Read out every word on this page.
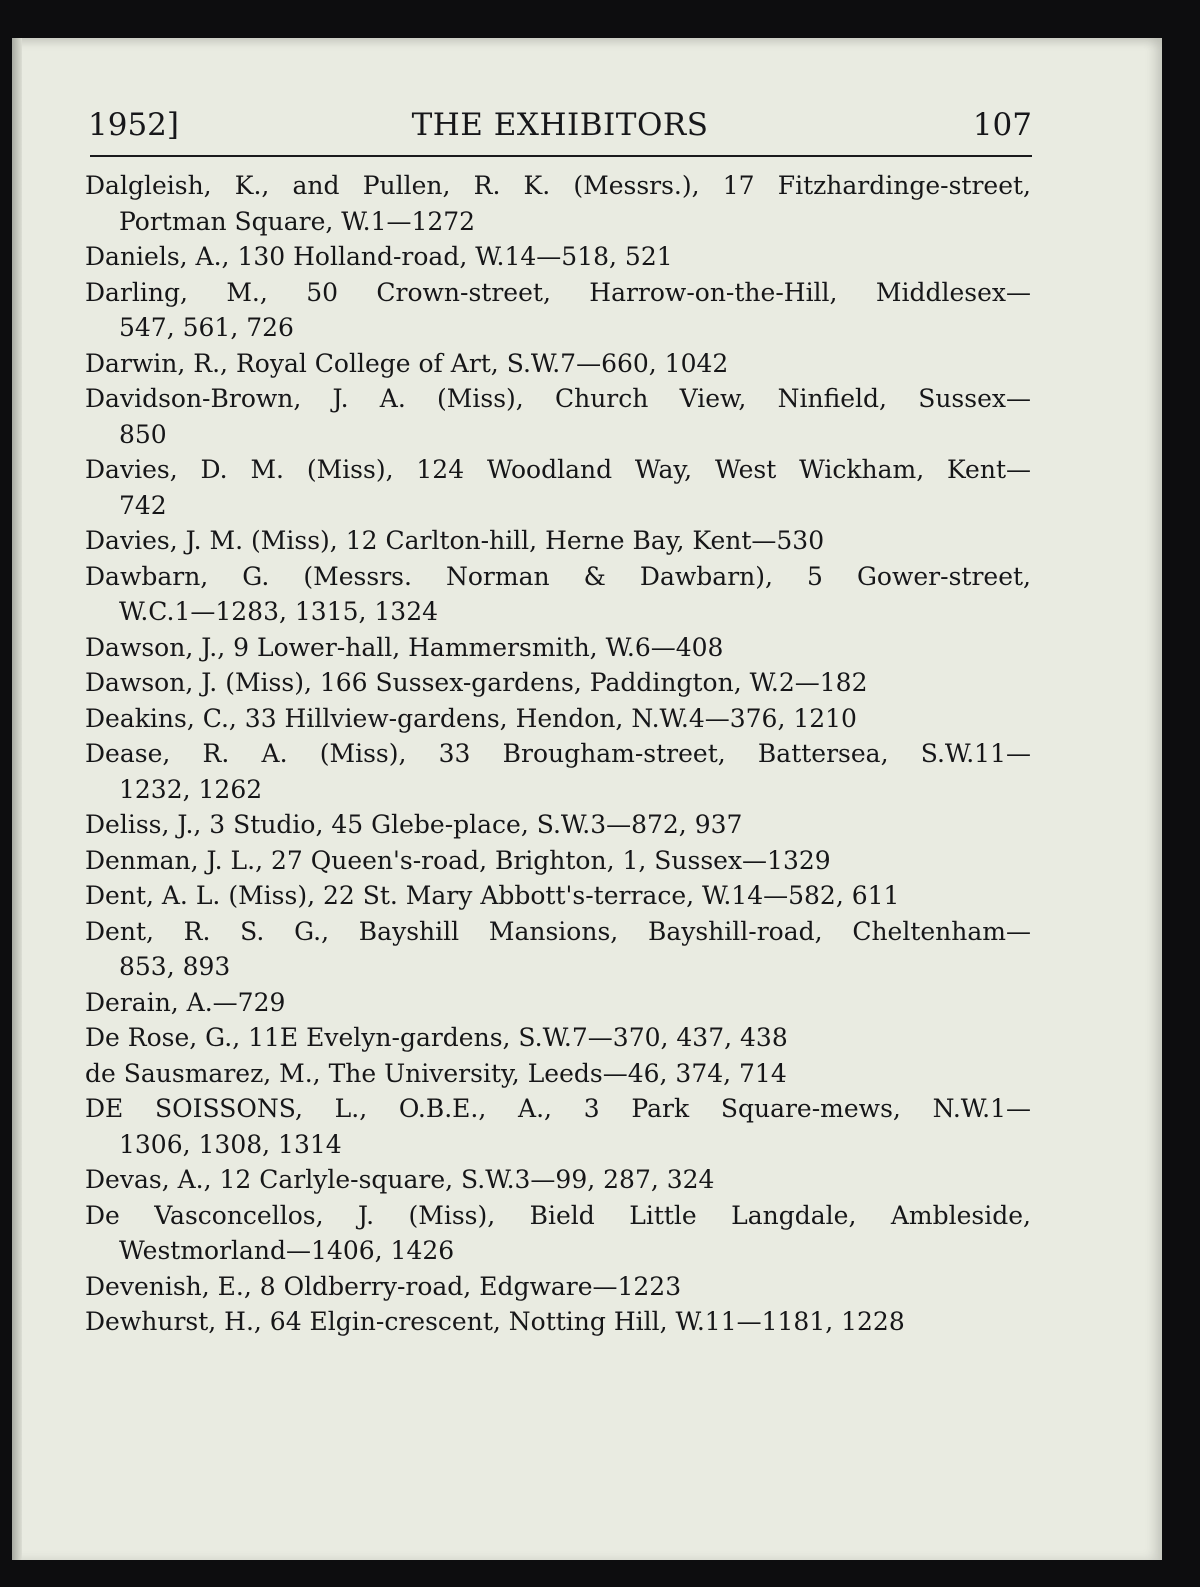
1952]	THE EXHIBITORS	107
Dalgleish, K., and Pullen, R. K. (Messrs.), 17 Fitzhardinge-street,
Portman Square, W.1—1272
Daniels, A., 130 Holland-road, W.14—518, 521
Darling, M., 50 Crown-street, Harrow-on-the-Hill, Middlesex—
547, 561, 726
Darwin, R., Royal College of Art, S.W.7—660, 1042
Davidson-Brown, J. A. (Miss), Church View, Ninfield, Sussex—
850
Davies, D. M. (Miss), 124 Woodland Way, West Wickham, Kent—
742
Davies, J. M. (Miss), 12 Carlton-hill, Herne Bay, Kent—530
Dawbarn, G. (Messrs. Norman & Dawbarn), 5 Gower-street,
W.C.1—1283, 1315, 1324
Dawson, J., 9 Lower-hall, Hammersmith, W.6—408
Dawson, J. (Miss), 166 Sussex-gardens, Paddington, W.2—182
Deakins, C., 33 Hillview-gardens, Hendon, N.W.4—376, 1210
Dease, R. A. (Miss), 33 Brougham-street, Battersea, S.W.11—
1232, 1262
Deliss, J., 3 Studio, 45 Glebe-place, S.W.3—872, 937
Denman, J. L., 27 Queen's-road, Brighton, 1, Sussex—1329
Dent, A. L. (Miss), 22 St. Mary Abbott's-terrace, W.14—582, 611
Dent, R. S. G., Bayshill Mansions, Bayshill-road, Cheltenham—
853, 893
Derain, A.—729
De Rose, G., 11E Evelyn-gardens, S.W.7—370, 437, 438
de Sausmarez, M., The University, Leeds—46, 374, 714
DE SOISSONS, L., O.B.E., A., 3 Park Square-mews, N.W.1—
1306, 1308, 1314
Devas, A., 12 Carlyle-square, S.W.3—99, 287, 324
De Vasconcellos, J. (Miss), Bield Little Langdale, Ambleside,
Westmorland—1406, 1426
Devenish, E., 8 Oldberry-road, Edgware—1223
Dewhurst, H., 64 Elgin-crescent, Notting Hill, W.11—1181, 1228
